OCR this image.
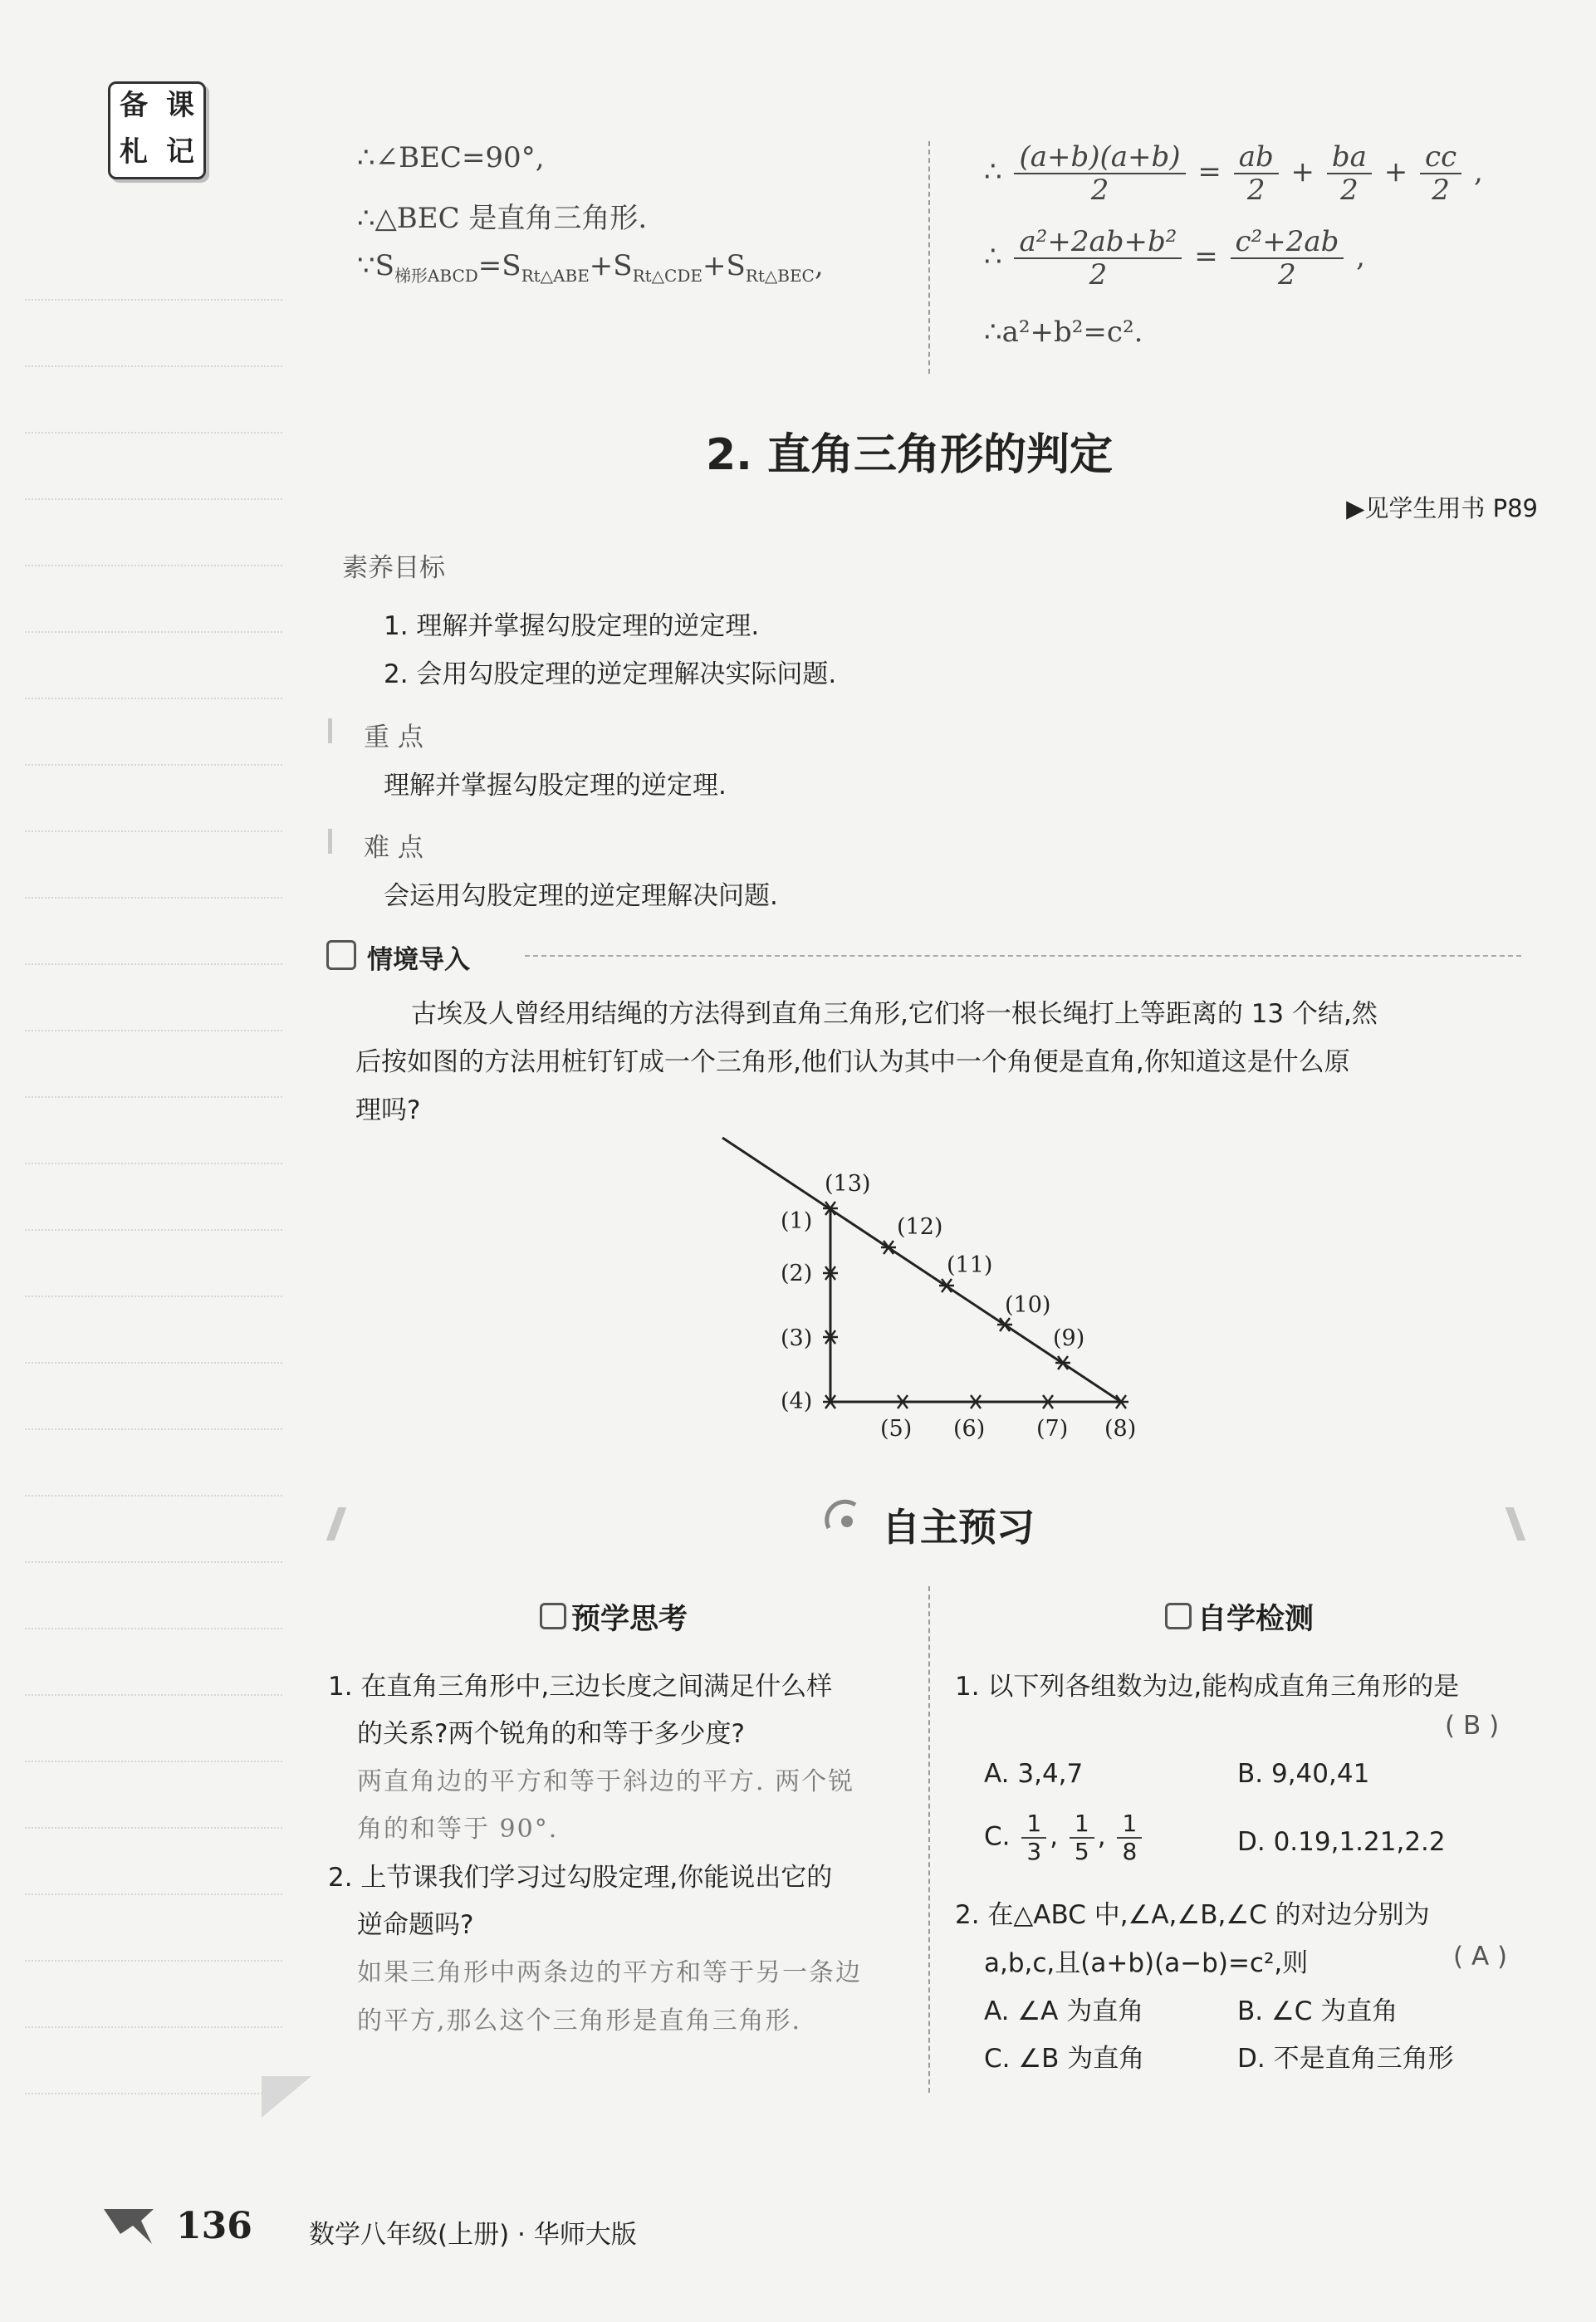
备 课
札 记	∴∠BEC=90°,
∴△BEC 是直角三角形.
$\because S_{梯形ABCD}=S_{Rt\triangle ABE}+S_{Rt\triangle CDE}+S_{Rt\triangle BEC}$,
∴ $\frac{(a+b)(a+b)}{2} = \frac{ab}{2} + \frac{ba}{2} + \frac{cc}{2}$ ,
∴ $\frac{\text{a²+2ab+b²}}{2} = \frac{\text{c²+2ab}}{2}$ ,
∴a²+b²=c².
2. 直角三角形的判定
▶见学生用书 P89
素养目标
1. 理解并掌握勾股定理的逆定理.
2. 会用勾股定理的逆定理解决实际问题.
重 点
理解并掌握勾股定理的逆定理.
难 点
会运用勾股定理的逆定理解决问题.
情境导入
古埃及人曾经用结绳的方法得到直角三角形,它们将一根长绳打上等距离的 13 个结,然
后按如图的方法用桩钉钉成一个三角形,他们认为其中一个角便是直角,你知道这是什么原
理吗?
(13)
(1)	(12)
(2)	(11)
(10)
(3)	(9)
(4)
(5) (6) (7) (8)
自主预习
预学思考
1. 在直角三角形中,三边长度之间满足什么样
的关系?两个锐角的和等于多少度?
两直角边的平方和等于斜边的平方. 两个锐
角的和等于 90°.
2. 上节课我们学习过勾股定理,你能说出它的
逆命题吗?
如果三角形中两条边的平方和等于另一条边
的平方,那么这个三角形是直角三角形.
自学检测
1. 以下列各组数为边,能构成直角三角形的是
( B )
A. 3,4,7	B. 9,40,41
C. $\frac{1}{3}$ , $\frac{1}{5}$ , $\frac{1}{8}$	D. 0.19,1.21,2.2
2. 在△ABC 中,∠A,∠B,∠C 的对边分别为
a,b,c,且(a+b)(a−b)=c²,则	( A )
A. ∠A 为直角	B. ∠C 为直角
C. ∠B 为直角	D. 不是直角三角形
136 数学八年级(上册) · 华师大版
